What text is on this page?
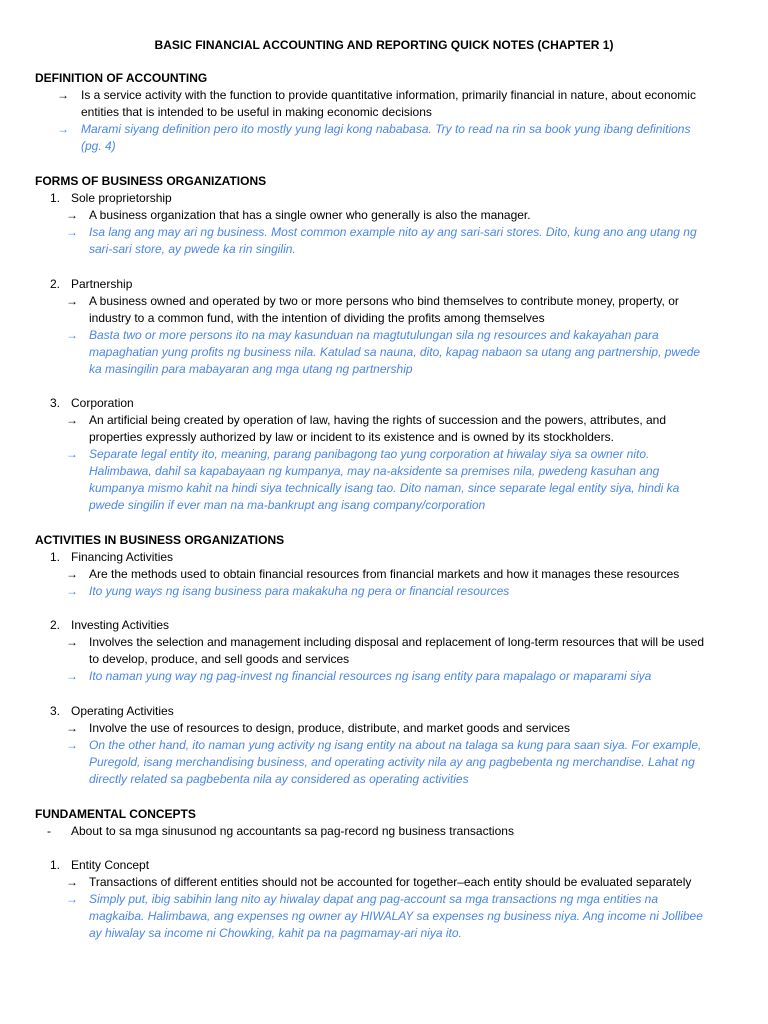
BASIC FINANCIAL ACCOUNTING AND REPORTING QUICK NOTES (CHAPTER 1)
DEFINITION OF ACCOUNTING
→	Is a service activity with the function to provide quantitative information, primarily financial in nature, about economic
entities that is intended to be useful in making economic decisions
→	Marami siyang definition pero ito mostly yung lagi kong nababasa. Try to read na rin sa book yung ibang definitions
(pg. 4)
FORMS OF BUSINESS ORGANIZATIONS
1. Sole proprietorship
→ A business organization that has a single owner who generally is also the manager.
→ Isa lang ang may ari ng business. Most common example nito ay ang sari-sari stores. Dito, kung ano ang utang ng
sari-sari store, ay pwede ka rin singilin.
2. Partnership
→ A business owned and operated by two or more persons who bind themselves to contribute money, property, or
industry to a common fund, with the intention of dividing the profits among themselves
→ Basta two or more persons ito na may kasunduan na magtutulungan sila ng resources and kakayahan para
mapaghatian yung profits ng business nila. Katulad sa nauna, dito, kapag nabaon sa utang ang partnership, pwede
ka masingilin para mabayaran ang mga utang ng partnership
3. Corporation
→ An artificial being created by operation of law, having the rights of succession and the powers, attributes, and
properties expressly authorized by law or incident to its existence and is owned by its stockholders.
→ Separate legal entity ito, meaning, parang panibagong tao yung corporation at hiwalay siya sa owner nito.
Halimbawa, dahil sa kapabayaan ng kumpanya, may na-aksidente sa premises nila, pwedeng kasuhan ang
kumpanya mismo kahit na hindi siya technically isang tao. Dito naman, since separate legal entity siya, hindi ka
pwede singilin if ever man na ma-bankrupt ang isang company/corporation
ACTIVITIES IN BUSINESS ORGANIZATIONS
1. Financing Activities
→ Are the methods used to obtain financial resources from financial markets and how it manages these resources
→ Ito yung ways ng isang business para makakuha ng pera or financial resources
2. Investing Activities
→ Involves the selection and management including disposal and replacement of long-term resources that will be used
to develop, produce, and sell goods and services
→ Ito naman yung way ng pag-invest ng financial resources ng isang entity para mapalago or maparami siya
3. Operating Activities
→ Involve the use of resources to design, produce, distribute, and market goods and services
→ On the other hand, ito naman yung activity ng isang entity na about na talaga sa kung para saan siya. For example,
Puregold, isang merchandising business, and operating activity nila ay ang pagbebenta ng merchandise. Lahat ng
directly related sa pagbebenta nila ay considered as operating activities
FUNDAMENTAL CONCEPTS
- About to sa mga sinusunod ng accountants sa pag-record ng business transactions
1. Entity Concept
→ Transactions of different entities should not be accounted for together–each entity should be evaluated separately
→ Simply put, ibig sabihin lang nito ay hiwalay dapat ang pag-account sa mga transactions ng mga entities na
magkaiba. Halimbawa, ang expenses ng owner ay HIWALAY sa expenses ng business niya. Ang income ni Jollibee
ay hiwalay sa income ni Chowking, kahit pa na pagmamay-ari niya ito.
